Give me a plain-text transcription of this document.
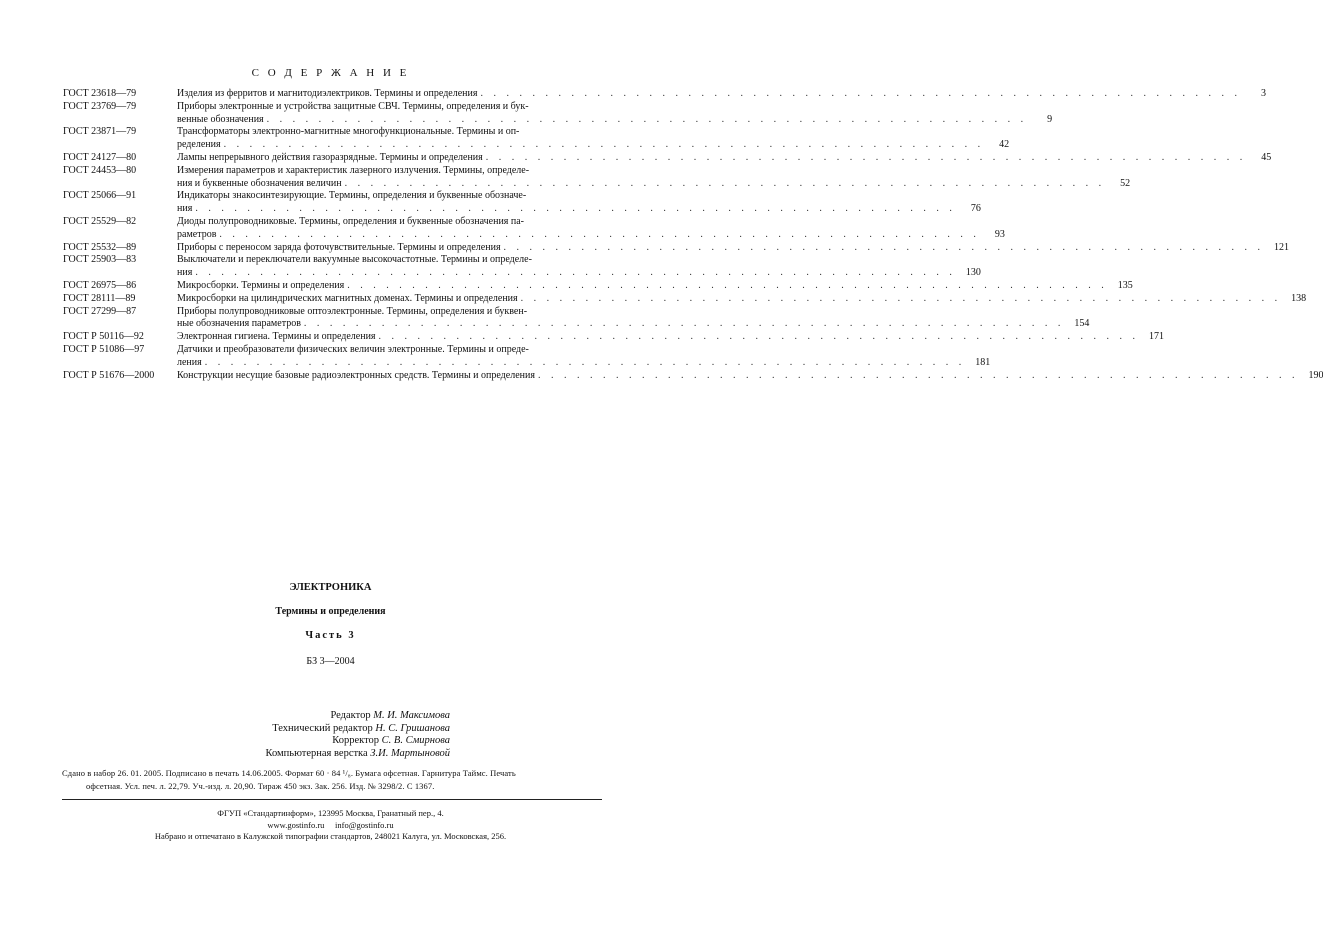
С О Д Е Р Ж А Н И Е
ГОСТ 23618—79	Изделия из ферритов и магнитодиэлектриков. Термины и определения . . . . . . . . . . . . . . . . . . . . . . . . . . . . . . . . . . . . . . . . . . . . . . . . . . . . . . . . . . .	3
ГОСТ 23769—79	Приборы электронные и устройства защитные СВЧ. Термины, определения и бук-
венные обозначения . . . . . . . . . . . . . . . . . . . . . . . . . . . . . . . . . . . . . . . . . . . . . . . . . . . . . . . . . . .	9
ГОСТ 23871—79	Трансформаторы электронно-магнитные многофункциональные. Термины и оп-
ределения . . . . . . . . . . . . . . . . . . . . . . . . . . . . . . . . . . . . . . . . . . . . . . . . . . . . . . . . . . .	42
ГОСТ 24127—80	Лампы непрерывного действия газоразрядные. Термины и определения . . . . . . . . . . . . . . . . . . . . . . . . . . . . . . . . . . . . . . . . . . . . . . . . . . . . . . . . . . .	45
ГОСТ 24453—80	Измерения параметров и характеристик лазерного излучения. Термины, определе-
ния и буквенные обозначения величин . . . . . . . . . . . . . . . . . . . . . . . . . . . . . . . . . . . . . . . . . . . . . . . . . . . . . . . . . . .	52
ГОСТ 25066—91	Индикаторы знакосинтезирующие. Термины, определения и буквенные обозначе-
ния . . . . . . . . . . . . . . . . . . . . . . . . . . . . . . . . . . . . . . . . . . . . . . . . . . . . . . . . . . .	76
ГОСТ 25529—82	Диоды полупроводниковые. Термины, определения и буквенные обозначения па-
раметров . . . . . . . . . . . . . . . . . . . . . . . . . . . . . . . . . . . . . . . . . . . . . . . . . . . . . . . . . . .	93
ГОСТ 25532—89	Приборы с переносом заряда фоточувствительные. Термины и определения . . . . . . . . . . . . . . . . . . . . . . . . . . . . . . . . . . . . . . . . . . . . . . . . . . . . . . . . . . .	121
ГОСТ 25903—83	Выключатели и переключатели вакуумные высокочастотные. Термины и определе-
ния . . . . . . . . . . . . . . . . . . . . . . . . . . . . . . . . . . . . . . . . . . . . . . . . . . . . . . . . . . .	130
ГОСТ 26975—86	Микросборки. Термины и определения . . . . . . . . . . . . . . . . . . . . . . . . . . . . . . . . . . . . . . . . . . . . . . . . . . . . . . . . . . .	135
ГОСТ 28111—89	Микросборки на цилиндрических магнитных доменах. Термины и определения . . . . . . . . . . . . . . . . . . . . . . . . . . . . . . . . . . . . . . . . . . . . . . . . . . . . . . . . . . .	138
ГОСТ 27299—87	Приборы полупроводниковые оптоэлектронные. Термины, определения и буквен-
ные обозначения параметров . . . . . . . . . . . . . . . . . . . . . . . . . . . . . . . . . . . . . . . . . . . . . . . . . . . . . . . . . . .	154
ГОСТ Р 50116—92	Электронная гигиена. Термины и определения . . . . . . . . . . . . . . . . . . . . . . . . . . . . . . . . . . . . . . . . . . . . . . . . . . . . . . . . . . .	171
ГОСТ Р 51086—97	Датчики и преобразователи физических величин электронные. Термины и опреде-
ления . . . . . . . . . . . . . . . . . . . . . . . . . . . . . . . . . . . . . . . . . . . . . . . . . . . . . . . . . . .	181
ГОСТ Р 51676—2000	Конструкции несущие базовые радиоэлектронных средств. Термины и определения . . . . . . . . . . . . . . . . . . . . . . . . . . . . . . . . . . . . . . . . . . . . . . . . . . . . . . . . . . .	190
ЭЛЕКТРОНИКА
Термины и определения
Часть 3
БЗ 3—2004
Редактор М. И. Максимова
Технический редактор Н. С. Гришанова
Корректор С. В. Смирнова
Компьютерная верстка З.И. Мартыновой
Сдано в набор 26. 01. 2005. Подписано в печать 14.06.2005. Формат 60 · 84 ¹/₈. Бумага офсетная. Гарнитура Таймс. Печать
офсетная. Усл. печ. л. 22,79. Уч.-изд. л. 20,90. Тираж 450 экз. Зак. 256. Изд. № 3298/2. С 1367.
ФГУП «Стандартинформ», 123995 Москва, Гранатный пер., 4.
www.gostinfo.ru     info@gostinfo.ru
Набрано и отпечатано в Калужской типографии стандартов, 248021 Калуга, ул. Московская, 256.
